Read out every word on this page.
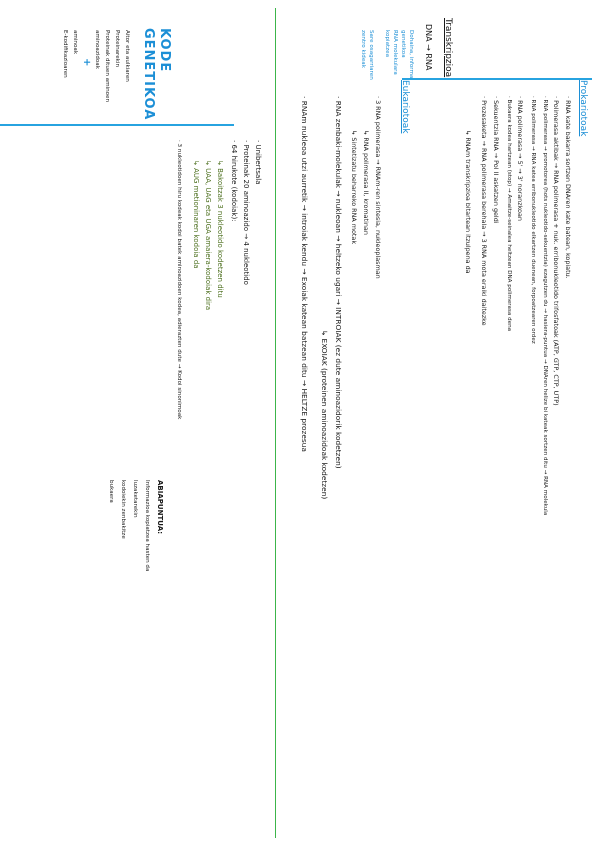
KODE
GENETIKOA
Aitor eta aulkiaren
Proteinarekin
Proteinak dituen aminoen
aminoazidoak
+
aminoak
E-kodifikazioaren	Transkripzioa
DNA → RNA
Dohaina, informa
genetikoa
RNA molekulara
kopiatzea
Sare osagarriaren
zentro kideak
Prokariotoak
Eukariotoak	· RNA kate bakarra sortzen DNAren kate batean, kopiatu.
· Polimerasa aktibak → RNA polimerasa + nuk. erribonukleotido trifosfatoak (ATP, GTP, CTP, UTP)
· RNA polimerasa → promotorea (hots nukleotido-sekuentzia) ezagutzen du → hasiera-puntua → DNAren helize bi kateak sortzen ditu → RNA molekula
· RNA polimerasa → RNA katea erribonukleotido elkartzen duenean, forpoatzearen ordez
· RNA polimerasa → 5' → 3' noranzkoan
· Bukaera kodea hartzean (stop) → Amaitze-seinalea heltzean DNA polimerasa dena
· Sekuentzia RNA → Pol II askatzen geldi
· Prozesaketa → RNA polimerasa berehala → 3 RNA mota eraiki daitezke
↳ RNAm transkripzioa bitartean itzulpena da
· 3 RNA polimerasa → RNAm-ren sintesia, nukleoplasman
↳ RNA polimerasa II, kromatinan
↳ Sintetizatu beharreko RNA motak
· RNA zenbaki-molekulak → nukleoan → heltzeko ugari → INTROIAK (ez dute aminoazidorik kodetzen)
↳ EXOIAK (proteinen aminoazidoak kodetzen)
· RNAm nukleoa utzi aurretik → introiak kendu → Exoiak katean batzean ditu → HELTZE prozesua
· Unibertsala
· Proteinak 20 aminoazido → 4 nukleotido
· 64 hirukote (kodoiak):
↳ Bakoitzak 3 nukleotido kodetzen ditu
↳ UAA, UAG eta UGA amaiera-kodoiak dira
↳ AUG metioninaren kodoia da
· 3 nukleotidoen hiru kodeak kodoi batek aminoazidoen kodea, adierazten dute → Kodoi sinonimoak
ABIAPUNTUA:
Informazioa kopiatzea hasten da
luzaketarekin
kodoiekin zenbakitze
bukaera
